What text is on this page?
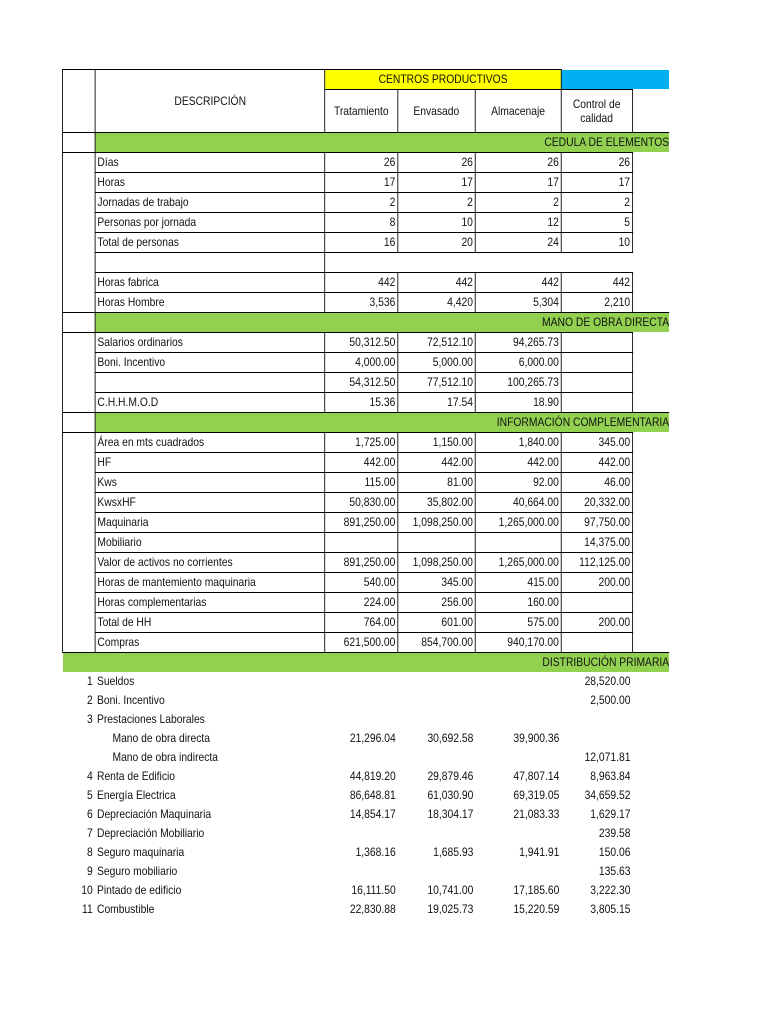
	DESCRIPCIÓN	CENTROS PRODUCTIVOS				
		Tratamiento	Envasado	Almacenaje	Control de calidad	
	CEDULA DE ELEMENTOS					
	Días	26	26	26	26	
	Horas	17	17	17	17	
	Jornadas de trabajo	2	2	2	2	
	Personas por jornada	8	10	12	5	
	Total de personas	16	20	24	10	

	Horas fabrica	442	442	442	442	
	Horas Hombre	3,536	4,420	5,304	2,210	
	MANO DE OBRA DIRECTA					
	Salarios ordinarios	50,312.50	72,512.10	94,265.73		
	Boni. Incentivo	4,000.00	5,000.00	6,000.00		
		54,312.50	77,512.10	100,265.73		
	C.H.H.M.O.D	15.36	17.54	18.90		
	INFORMACIÓN COMPLEMENTARIA					
	Área en mts cuadrados	1,725.00	1,150.00	1,840.00	345.00	
	HF	442.00	442.00	442.00	442.00	
	Kws	115.00	81.00	92.00	46.00	
	KwsxHF	50,830.00	35,802.00	40,664.00	20,332.00	
	Maquinaria	891,250.00	1,098,250.00	1,265,000.00	97,750.00	
	Mobiliario				14,375.00	
	Valor de activos no corrientes	891,250.00	1,098,250.00	1,265,000.00	112,125.00	
	Horas de mantemiento maquinaria	540.00	345.00	415.00	200.00	
	Horas complementarias	224.00	256.00	160.00		
	Total de HH	764.00	601.00	575.00	200.00	
	Compras	621,500.00	854,700.00	940,170.00		
DISTRIBUCIÓN PRIMARIA						
1	Sueldos				28,520.00	
2	Boni. Incentivo				2,500.00	
3	Prestaciones Laborales					
	Mano de obra directa	21,296.04	30,692.58	39,900.36		
	Mano de obra indirecta				12,071.81	
4	Renta de Edificio	44,819.20	29,879.46	47,807.14	8,963.84	
5	Energía Electrica	86,648.81	61,030.90	69,319.05	34,659.52	
6	Depreciación Maquinaria	14,854.17	18,304.17	21,083.33	1,629.17	
7	Depreciación Mobiliario				239.58	
8	Seguro maquinaria	1,368.16	1,685.93	1,941.91	150.06	
9	Seguro mobiliario				135.63	
10	Pintado de edificio	16,111.50	10,741.00	17,185.60	3,222.30	
11	Combustible	22,830.88	19,025.73	15,220.59	3,805.15	
